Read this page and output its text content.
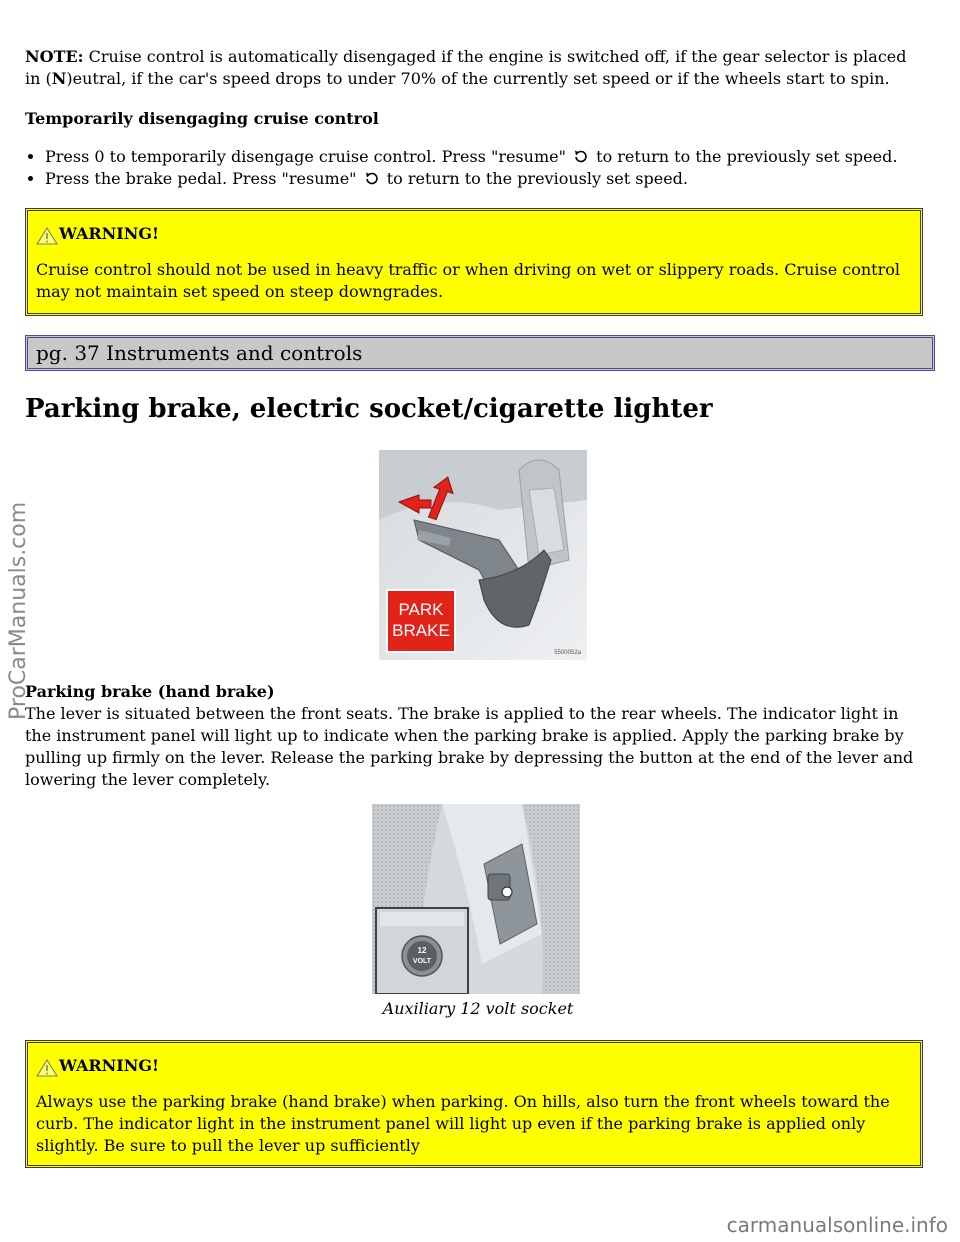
NOTE: Cruise control is automatically disengaged if the engine is switched off, if the gear selector is placed in (N)eutral, if the car's speed drops to under 70% of the currently set speed or if the wheels start to spin.

Temporarily disengaging cruise control

• Press 0 to temporarily disengage cruise control. Press "resume"  to return to the previously set speed.
• Press the brake pedal. Press "resume"  to return to the previously set speed.
WARNING!

Cruise control should not be used in heavy traffic or when driving on wet or slippery roads. Cruise control may not maintain set speed on steep downgrades.

pg. 37 Instruments and controls
Parking brake, electric socket/cigarette lighter
PARK
BRAKE
5500052a

Parking brake (hand brake)

The lever is situated between the front seats. The brake is applied to the rear wheels. The indicator light in the instrument panel will light up to indicate when the parking brake is applied. Apply the parking brake by pulling up firmly on the lever. Release the parking brake by depressing the button at the end of the lever and lowering the lever completely.

12
VOLT

Auxiliary 12 volt socket

WARNING!

Always use the parking brake (hand brake) when parking. On hills, also turn the front wheels toward the curb. The indicator light in the instrument panel will light up even if the parking brake is applied only slightly. Be sure to pull the lever up sufficiently

ProCarManuals.com
carmanualsonline.info
